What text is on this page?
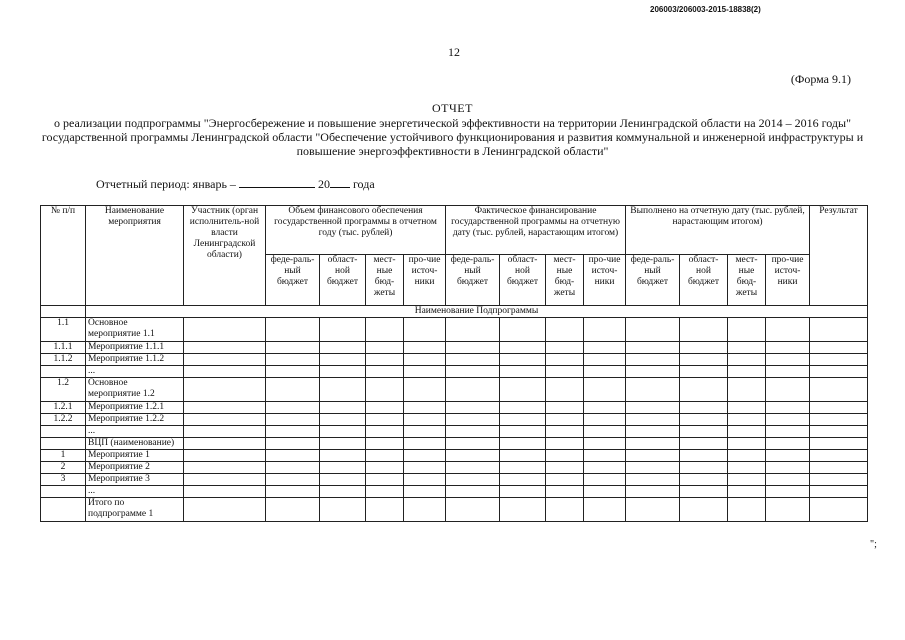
206003/206003-2015-18838(2)
12
(Форма 9.1)
ОТЧЕТ
о реализации подпрограммы "Энергосбережение и повышение энергетической эффективности на территории Ленинградской области на 2014 – 2016 годы" государственной программы Ленинградской области "Обеспечение устойчивого функционирования и развития коммунальной и инженерной инфраструктуры и повышение энергоэффективности в Ленинградской области"
Отчетный период: январь –	20 года
№ п/п	Наименование мероприятия	Участник (орган исполнитель-ной власти Ленинградской области)	Объем финансового обеспечения государственной программы в отчетном году (тыс. рублей)				Фактическое финансирование государственной программы на отчетную дату (тыс. рублей, нарастающим итогом)				Выполнено на отчетную дату (тыс. рублей, нарастающим итогом)				Результат
			феде-раль-ный бюджет	област-ной бюджет	мест-ные бюд-жеты	про-чие источ-ники	феде-раль-ный бюджет	област-ной бюджет	мест-ные бюд-жеты	про-чие источ-ники	феде-раль-ный бюджет	област-ной бюджет	мест-ные бюд-жеты	про-чие источ-ники	
	Наименование Подпрограммы														
1.1	Основное мероприятие 1.1														
1.1.1	Мероприятие 1.1.1														
1.1.2	Мероприятие 1.1.2														
	...														
1.2	Основное мероприятие 1.2														
1.2.1	Мероприятие 1.2.1														
1.2.2	Мероприятие 1.2.2														
	...														
	ВЦП (наименование)														
1	Мероприятие 1														
2	Мероприятие 2														
3	Мероприятие 3														
	...														
	Итого по подпрограмме 1														
";
